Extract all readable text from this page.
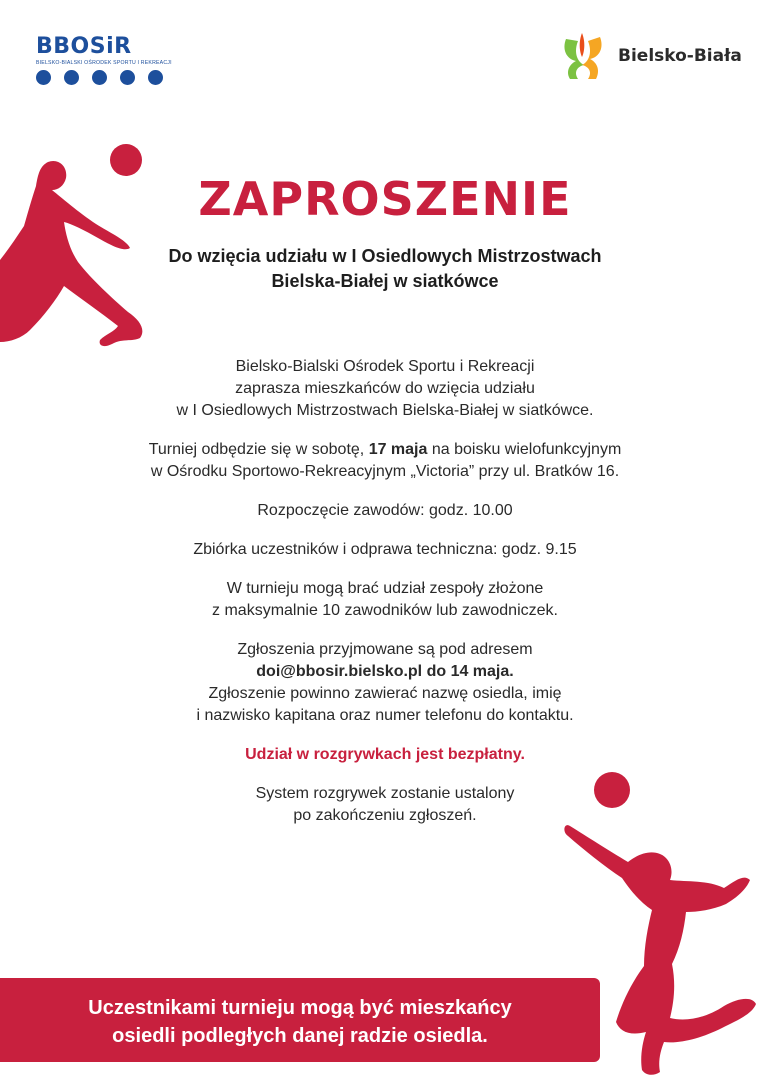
BBOSiR
BIELSKO-BIALSKI OŚRODEK SPORTU I REKREACJI	Bielsko-Biała
ZAPROSZENIE
Do wzięcia udziału w I Osiedlowych Mistrzostwach
Bielska-Białej w siatkówce

Bielsko-Bialski Ośrodek Sportu i Rekreacji
zaprasza mieszkańców do wzięcia udziału
w I Osiedlowych Mistrzostwach Bielska-Białej w siatkówce.

Turniej odbędzie się w sobotę, 17 maja na boisku wielofunkcyjnym
w Ośrodku Sportowo-Rekreacyjnym „Victoria” przy ul. Bratków 16.

Rozpoczęcie zawodów: godz. 10.00

Zbiórka uczestników i odprawa techniczna: godz. 9.15

W turnieju mogą brać udział zespoły złożone
z maksymalnie 10 zawodników lub zawodniczek.

Zgłoszenia przyjmowane są pod adresem
doi@bbosir.bielsko.pl do 14 maja.
Zgłoszenie powinno zawierać nazwę osiedla, imię
i nazwisko kapitana oraz numer telefonu do kontaktu.

Udział w rozgrywkach jest bezpłatny.

System rozgrywek zostanie ustalony
po zakończeniu zgłoszeń.

Uczestnikami turnieju mogą być mieszkańcy
osiedli podległych danej radzie osiedla.
